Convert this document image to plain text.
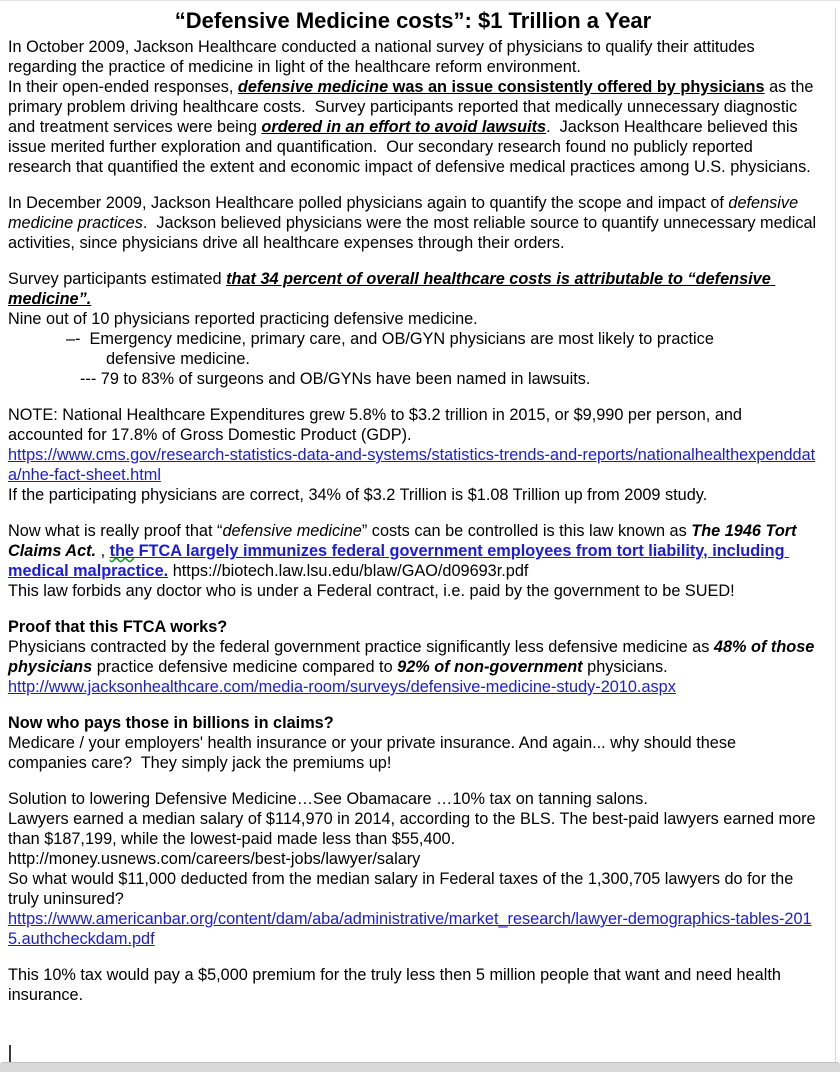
“Defensive Medicine costs”: $1 Trillion a Year
In October 2009, Jackson Healthcare conducted a national survey of physicians to qualify their attitudes regarding the practice of medicine in light of the healthcare reform environment.
In their open-ended responses, defensive medicine was an issue consistently offered by physicians as the primary problem driving healthcare costs.  Survey participants reported that medically unnecessary diagnostic and treatment services were being ordered in an effort to avoid lawsuits.  Jackson Healthcare believed this issue merited further exploration and quantification.  Our secondary research found no publicly reported research that quantified the extent and economic impact of defensive medical practices among U.S. physicians.
In December 2009, Jackson Healthcare polled physicians again to quantify the scope and impact of defensive medicine practices.  Jackson believed physicians were the most reliable source to quantify unnecessary medical activities, since physicians drive all healthcare expenses through their orders.
Survey participants estimated that 34 percent of overall healthcare costs is attributable to “defensive medicine”.
Nine out of 10 physicians reported practicing defensive medicine.
–-  Emergency medicine, primary care, and OB/GYN physicians are most likely to practice
defensive medicine.
--- 79 to 83% of surgeons and OB/GYNs have been named in lawsuits.
NOTE: National Healthcare Expenditures grew 5.8% to $3.2 trillion in 2015, or $9,990 per person, and accounted for 17.8% of Gross Domestic Product (GDP).
https://www.cms.gov/research-statistics-data-and-systems/statistics-trends-and-reports/nationalhealthexpenddata/nhe-fact-sheet.html
If the participating physicians are correct, 34% of $3.2 Trillion is $1.08 Trillion up from 2009 study.
Now what is really proof that “defensive medicine” costs can be controlled is this law known as The 1946 Tort Claims Act. , the FTCA largely immunizes federal government employees from tort liability, including medical malpractice. https://biotech.law.lsu.edu/blaw/GAO/d09693r.pdf
This law forbids any doctor who is under a Federal contract, i.e. paid by the government to be SUED!
Proof that this FTCA works?
Physicians contracted by the federal government practice significantly less defensive medicine as 48% of those physicians practice defensive medicine compared to 92% of non-government physicians.
http://www.jacksonhealthcare.com/media-room/surveys/defensive-medicine-study-2010.aspx
Now who pays those in billions in claims?
Medicare / your employers' health insurance or your private insurance. And again... why should these companies care?  They simply jack the premiums up!
Solution to lowering Defensive Medicine…See Obamacare …10% tax on tanning salons.
Lawyers earned a median salary of $114,970 in 2014, according to the BLS. The best-paid lawyers earned more than $187,199, while the lowest-paid made less than $55,400.
http://money.usnews.com/careers/best-jobs/lawyer/salary
So what would $11,000 deducted from the median salary in Federal taxes of the 1,300,705 lawyers do for the truly uninsured?
https://www.americanbar.org/content/dam/aba/administrative/market_research/lawyer-demographics-tables-2015.authcheckdam.pdf
This 10% tax would pay a $5,000 premium for the truly less then 5 million people that want and need health insurance.
